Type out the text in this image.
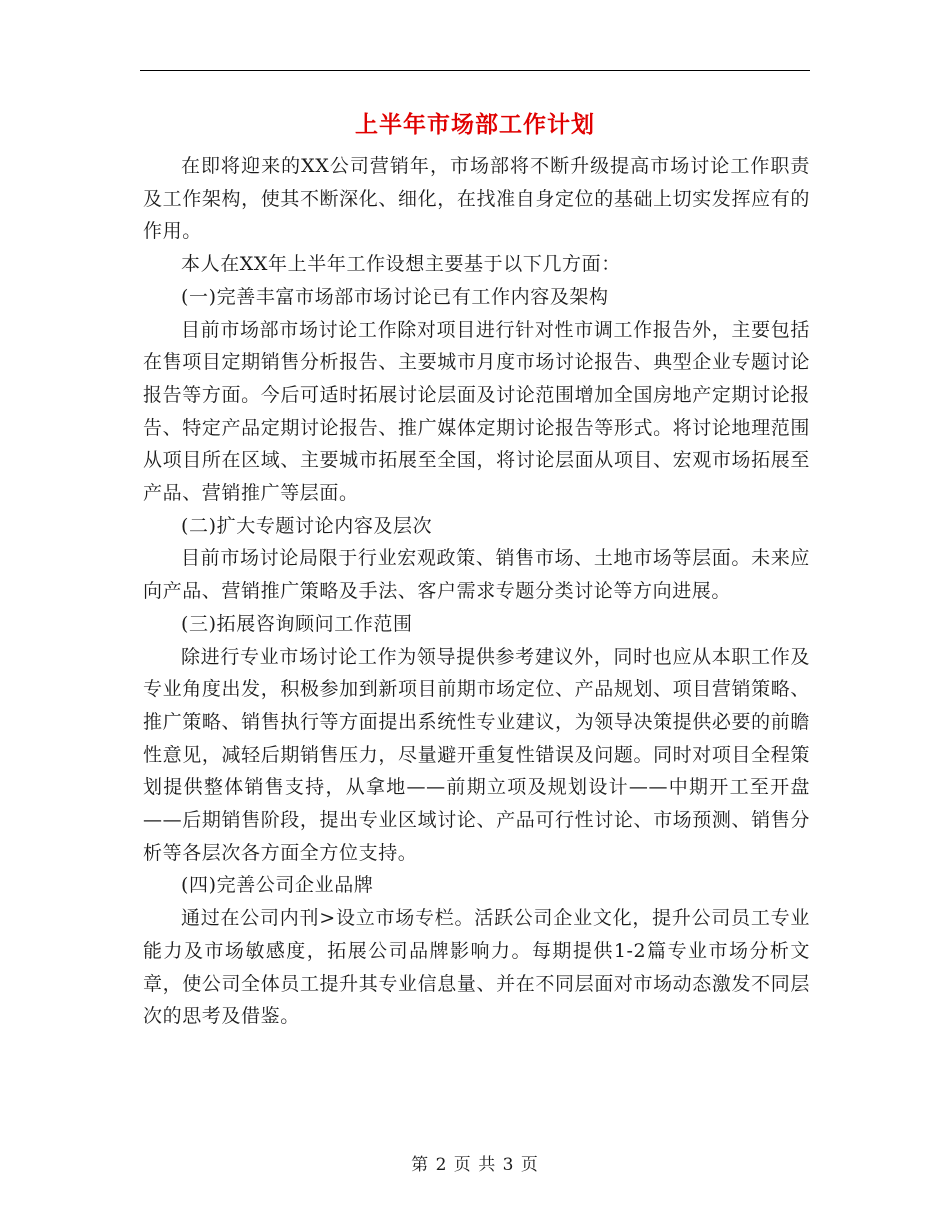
上半年市场部工作计划

在即将迎来的XX公司营销年，市场部将不断升级提高市场讨论工作职责及工作架构，使其不断深化、细化，在找准自身定位的基础上切实发挥应有的作用。

本人在XX年上半年工作设想主要基于以下几方面：

(一)完善丰富市场部市场讨论已有工作内容及架构

目前市场部市场讨论工作除对项目进行针对性市调工作报告外，主要包括在售项目定期销售分析报告、主要城市月度市场讨论报告、典型企业专题讨论报告等方面。今后可适时拓展讨论层面及讨论范围增加全国房地产定期讨论报告、特定产品定期讨论报告、推广媒体定期讨论报告等形式。将讨论地理范围从项目所在区域、主要城市拓展至全国，将讨论层面从项目、宏观市场拓展至产品、营销推广等层面。

(二)扩大专题讨论内容及层次

目前市场讨论局限于行业宏观政策、销售市场、土地市场等层面。未来应向产品、营销推广策略及手法、客户需求专题分类讨论等方向进展。

(三)拓展咨询顾问工作范围

除进行专业市场讨论工作为领导提供参考建议外，同时也应从本职工作及专业角度出发，积极参加到新项目前期市场定位、产品规划、项目营销策略、推广策略、销售执行等方面提出系统性专业建议，为领导决策提供必要的前瞻性意见，减轻后期销售压力，尽量避开重复性错误及问题。同时对项目全程策划提供整体销售支持，从拿地——前期立项及规划设计——中期开工至开盘——后期销售阶段，提出专业区域讨论、产品可行性讨论、市场预测、销售分析等各层次各方面全方位支持。

(四)完善公司企业品牌

通过在公司内刊>设立市场专栏。活跃公司企业文化，提升公司员工专业能力及市场敏感度，拓展公司品牌影响力。每期提供1-2篇专业市场分析文章，使公司全体员工提升其专业信息量、并在不同层面对市场动态激发不同层次的思考及借鉴。

第 2 页 共 3 页
